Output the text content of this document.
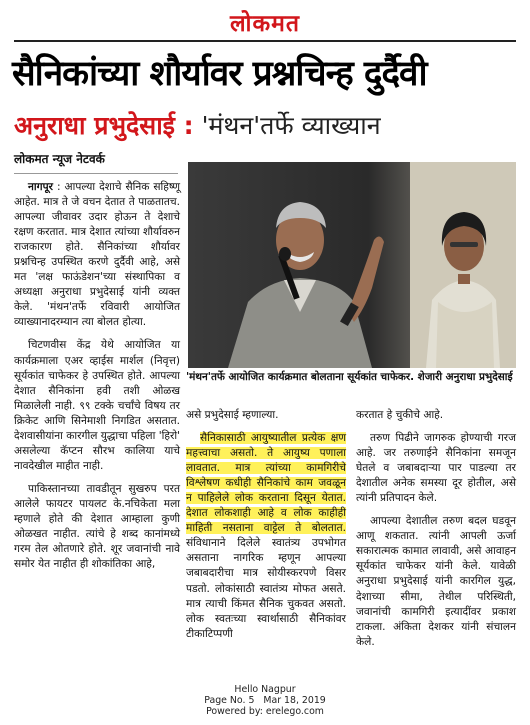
लोकमत
सैनिकांच्या शौर्यावर प्रश्नचिन्ह दुर्दैवी
अनुराधा प्रभुदेसाई : 'मंथन'तर्फे व्याख्यान
लोकमत न्यूज नेटवर्क

नागपूर : आपल्या देशाचे सैनिक सहिष्णू आहेत. मात्र ते जे वचन देतात ते पाळतातच. आपल्या जीवावर उदार होऊन ते देशाचे रक्षण करतात. मात्र देशात त्यांच्या शौर्यावरुन राजकारण होते. सैनिकांच्या शौर्यावर प्रश्नचिन्ह उपस्थित करणे दुर्दैवी आहे, असे मत 'लक्ष फाऊंडेशन'च्या संस्थापिका व अध्यक्षा अनुराधा प्रभुदेसाई यांनी व्यक्त केले. 'मंथन'तर्फे रविवारी आयोजित व्याख्यानादरम्यान त्या बोलत होत्या.

चिटणवीस केंद्र येथे आयोजित या कार्यक्रमाला एअर व्हाईस मार्शल (निवृत्त) सूर्यकांत चाफेकर हे उपस्थित होते. आपल्या देशात सैनिकांना हवी तशी ओळख मिळालेली नाही. ९९ टक्के चर्चांचे विषय तर क्रिकेट आणि सिनेमाशी निगडित असतात. देशवासीयांना कारगील युद्धाचा पहिला 'हिरो' असलेल्या कॅप्टन सौरभ कालिया याचे नावदेखील माहीत नाही.

पाकिस्तानच्या तावडीतून सुखरुप परत आलेले फायटर पायलट के.नचिकेता मला म्हणाले होते की देशात आम्हाला कुणी ओळखत नाहीत. त्यांचे हे शब्द कानांमध्ये गरम तेल ओतणारे होते. शूर जवानांची नावे समोर येत नाहीत ही शोकांतिका आहे,

'मंथन'तर्फे आयोजित कार्यक्रमात बोलताना सूर्यकांत चाफेकर. शेजारी अनुराधा प्रभुदेसाई

असे प्रभुदेसाई म्हणाल्या.

सैनिकासाठी आयुष्यातील प्रत्येक क्षण महत्त्वाचा असतो. ते आयुष्य पणाला लावतात. मात्र त्यांच्या कामगिरीचे विश्लेषण कधीही सैनिकांचे काम जवळून न पाहिलेले लोक करताना दिसून येतात. देशात लोकशाही आहे व लोक काहीही माहिती नसताना वाट्टेल ते बोलतात. संविधानाने दिलेले स्वातंत्र्य उपभोगत असताना नागरिक म्हणून आपल्या जबाबदारीचा मात्र सोयीस्करपणे विसर पडतो. लोकांसाठी स्वातंत्र्य मोफत असते. मात्र त्याची किंमत सैनिक चुकवत असतो. लोक स्वतःच्या स्वार्थासाठी सैनिकांवर टीकाटिप्पणी

करतात हे चुकीचे आहे.

तरुण पिढीने जागरुक होण्याची गरज आहे. जर तरुणाईने सैनिकांना समजून घेतले व जबाबदाऱ्या पार पाडल्या तर देशातील अनेक समस्या दूर होतील, असे त्यांनी प्रतिपादन केले.

आपल्या देशातील तरुण बदल घडवून आणू शकतात. त्यांनी आपली ऊर्जा सकारात्मक कामात लावावी, असे आवाहन सूर्यकांत चाफेकर यांनी केले. यावेळी अनुराधा प्रभुदेसाई यांनी कारगिल युद्ध, देशाच्या सीमा, तेथील परिस्थिती, जवानांची कामगिरी इत्यादींवर प्रकाश टाकला. अंकिता देशकर यांनी संचालन केले.

Hello Nagpur
Page No. 5 Mar 18, 2019
Powered by: erelego.com
